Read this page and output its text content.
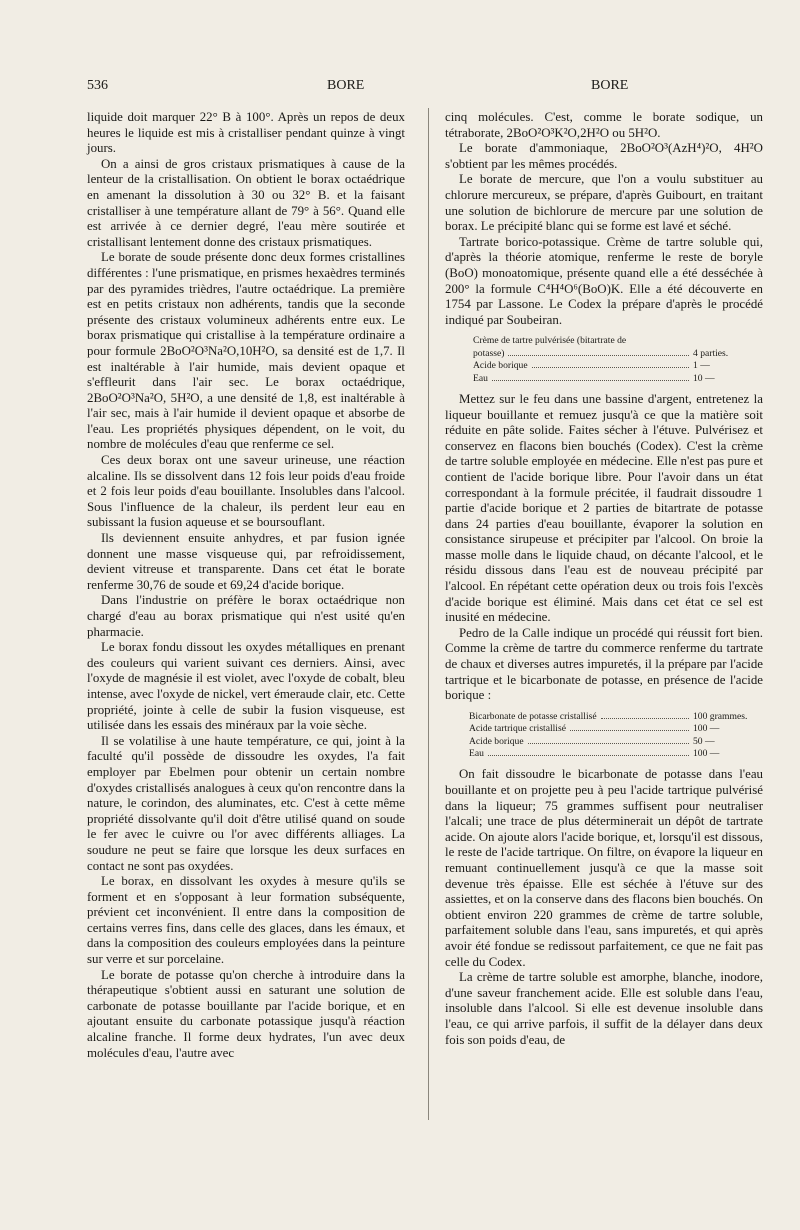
536	BORE	BORE

liquide doit marquer 22° B à 100°. Après un repos de deux heures le liquide est mis à cristalliser pendant quinze à vingt jours.

On a ainsi de gros cristaux prismatiques à cause de la lenteur de la cristallisation. On obtient le borax octaédrique en amenant la dissolution à 30 ou 32° B. et la faisant cristalliser à une température allant de 79° à 56°. Quand elle est arrivée à ce dernier degré, l'eau mère soutirée et cristallisant lentement donne des cristaux prismatiques.

Le borate de soude présente donc deux formes cristallines différentes : l'une prismatique, en prismes hexaèdres terminés par des pyramides trièdres, l'autre octaédrique. La première est en petits cristaux non adhérents, tandis que la seconde présente des cristaux volumineux adhérents entre eux. Le borax prismatique qui cristallise à la température ordinaire a pour formule 2BoO²O³Na²O,10H²O, sa densité est de 1,7. Il est inaltérable à l'air humide, mais devient opaque et s'effleurit dans l'air sec. Le borax octaédrique, 2BoO²O³Na²O, 5H²O, a une densité de 1,8, est inaltérable à l'air sec, mais à l'air humide il devient opaque et absorbe de l'eau. Les propriétés physiques dépendent, on le voit, du nombre de molécules d'eau que renferme ce sel.

Ces deux borax ont une saveur urineuse, une réaction alcaline. Ils se dissolvent dans 12 fois leur poids d'eau froide et 2 fois leur poids d'eau bouillante. Insolubles dans l'alcool. Sous l'influence de la chaleur, ils perdent leur eau en subissant la fusion aqueuse et se boursouflant.

Ils deviennent ensuite anhydres, et par fusion ignée donnent une masse visqueuse qui, par refroidissement, devient vitreuse et transparente. Dans cet état le borate renferme 30,76 de soude et 69,24 d'acide borique.

Dans l'industrie on préfère le borax octaédrique non chargé d'eau au borax prismatique qui n'est usité qu'en pharmacie.

Le borax fondu dissout les oxydes métalliques en prenant des couleurs qui varient suivant ces derniers. Ainsi, avec l'oxyde de magnésie il est violet, avec l'oxyde de cobalt, bleu intense, avec l'oxyde de nickel, vert émeraude clair, etc. Cette propriété, jointe à celle de subir la fusion visqueuse, est utilisée dans les essais des minéraux par la voie sèche.

Il se volatilise à une haute température, ce qui, joint à la faculté qu'il possède de dissoudre les oxydes, l'a fait employer par Ebelmen pour obtenir un certain nombre d'oxydes cristallisés analogues à ceux qu'on rencontre dans la nature, le corindon, des aluminates, etc. C'est à cette même propriété dissolvante qu'il doit d'être utilisé quand on soude le fer avec le cuivre ou l'or avec différents alliages. La soudure ne peut se faire que lorsque les deux surfaces en contact ne sont pas oxydées.

Le borax, en dissolvant les oxydes à mesure qu'ils se forment et en s'opposant à leur formation subséquente, prévient cet inconvénient. Il entre dans la composition de certains verres fins, dans celle des glaces, dans les émaux, et dans la composition des couleurs employées dans la peinture sur verre et sur porcelaine.

Le borate de potasse qu'on cherche à introduire dans la thérapeutique s'obtient aussi en saturant une solution de carbonate de potasse bouillante par l'acide borique, et en ajoutant ensuite du carbonate potassique jusqu'à réaction alcaline franche. Il forme deux hydrates, l'un avec deux molécules d'eau, l'autre avec

cinq molécules. C'est, comme le borate sodique, un tétraborate, 2BoO²O³K²O,2H²O ou 5H²O.

Le borate d'ammoniaque, 2BoO²O³(AzH⁴)²O, 4H²O s'obtient par les mêmes procédés.

Le borate de mercure, que l'on a voulu substituer au chlorure mercureux, se prépare, d'après Guibourt, en traitant une solution de bichlorure de mercure par une solution de borax. Le précipité blanc qui se forme est lavé et séché.

Tartrate borico-potassique. Crème de tartre soluble qui, d'après la théorie atomique, renferme le reste de boryle (BoO) monoatomique, présente quand elle a été desséchée à 200° la formule C⁴H⁴O⁶(BoO)K. Elle a été découverte en 1754 par Lassone. Le Codex la prépare d'après le procédé indiqué par Soubeiran.

Crème de tartre pulvérisée (bitartrate de
potasse)	4 parties.
Acide borique	1 —
Eau	10 —

Mettez sur le feu dans une bassine d'argent, entretenez la liqueur bouillante et remuez jusqu'à ce que la matière soit réduite en pâte solide. Faites sécher à l'étuve. Pulvérisez et conservez en flacons bien bouchés (Codex). C'est la crème de tartre soluble employée en médecine. Elle n'est pas pure et contient de l'acide borique libre. Pour l'avoir dans un état correspondant à la formule précitée, il faudrait dissoudre 1 partie d'acide borique et 2 parties de bitartrate de potasse dans 24 parties d'eau bouillante, évaporer la solution en consistance sirupeuse et précipiter par l'alcool. On broie la masse molle dans le liquide chaud, on décante l'alcool, et le résidu dissous dans l'eau est de nouveau précipité par l'alcool. En répétant cette opération deux ou trois fois l'excès d'acide borique est éliminé. Mais dans cet état ce sel est inusité en médecine.

Pedro de la Calle indique un procédé qui réussit fort bien. Comme la crème de tartre du commerce renferme du tartrate de chaux et diverses autres impuretés, il la prépare par l'acide tartrique et le bicarbonate de potasse, en présence de l'acide borique :

Bicarbonate de potasse cristallisé	100 grammes.
Acide tartrique cristallisé	100 —
Acide borique	50 —
Eau	100 —

On fait dissoudre le bicarbonate de potasse dans l'eau bouillante et on projette peu à peu l'acide tartrique pulvérisé dans la liqueur; 75 grammes suffisent pour neutraliser l'alcali; une trace de plus déterminerait un dépôt de tartrate acide. On ajoute alors l'acide borique, et, lorsqu'il est dissous, le reste de l'acide tartrique. On filtre, on évapore la liqueur en remuant continuellement jusqu'à ce que la masse soit devenue très épaisse. Elle est séchée à l'étuve sur des assiettes, et on la conserve dans des flacons bien bouchés. On obtient environ 220 grammes de crème de tartre soluble, parfaitement soluble dans l'eau, sans impuretés, et qui après avoir été fondue se redissout parfaitement, ce que ne fait pas celle du Codex.

La crème de tartre soluble est amorphe, blanche, inodore, d'une saveur franchement acide. Elle est soluble dans l'eau, insoluble dans l'alcool. Si elle est devenue insoluble dans l'eau, ce qui arrive parfois, il suffit de la délayer dans deux fois son poids d'eau, de
